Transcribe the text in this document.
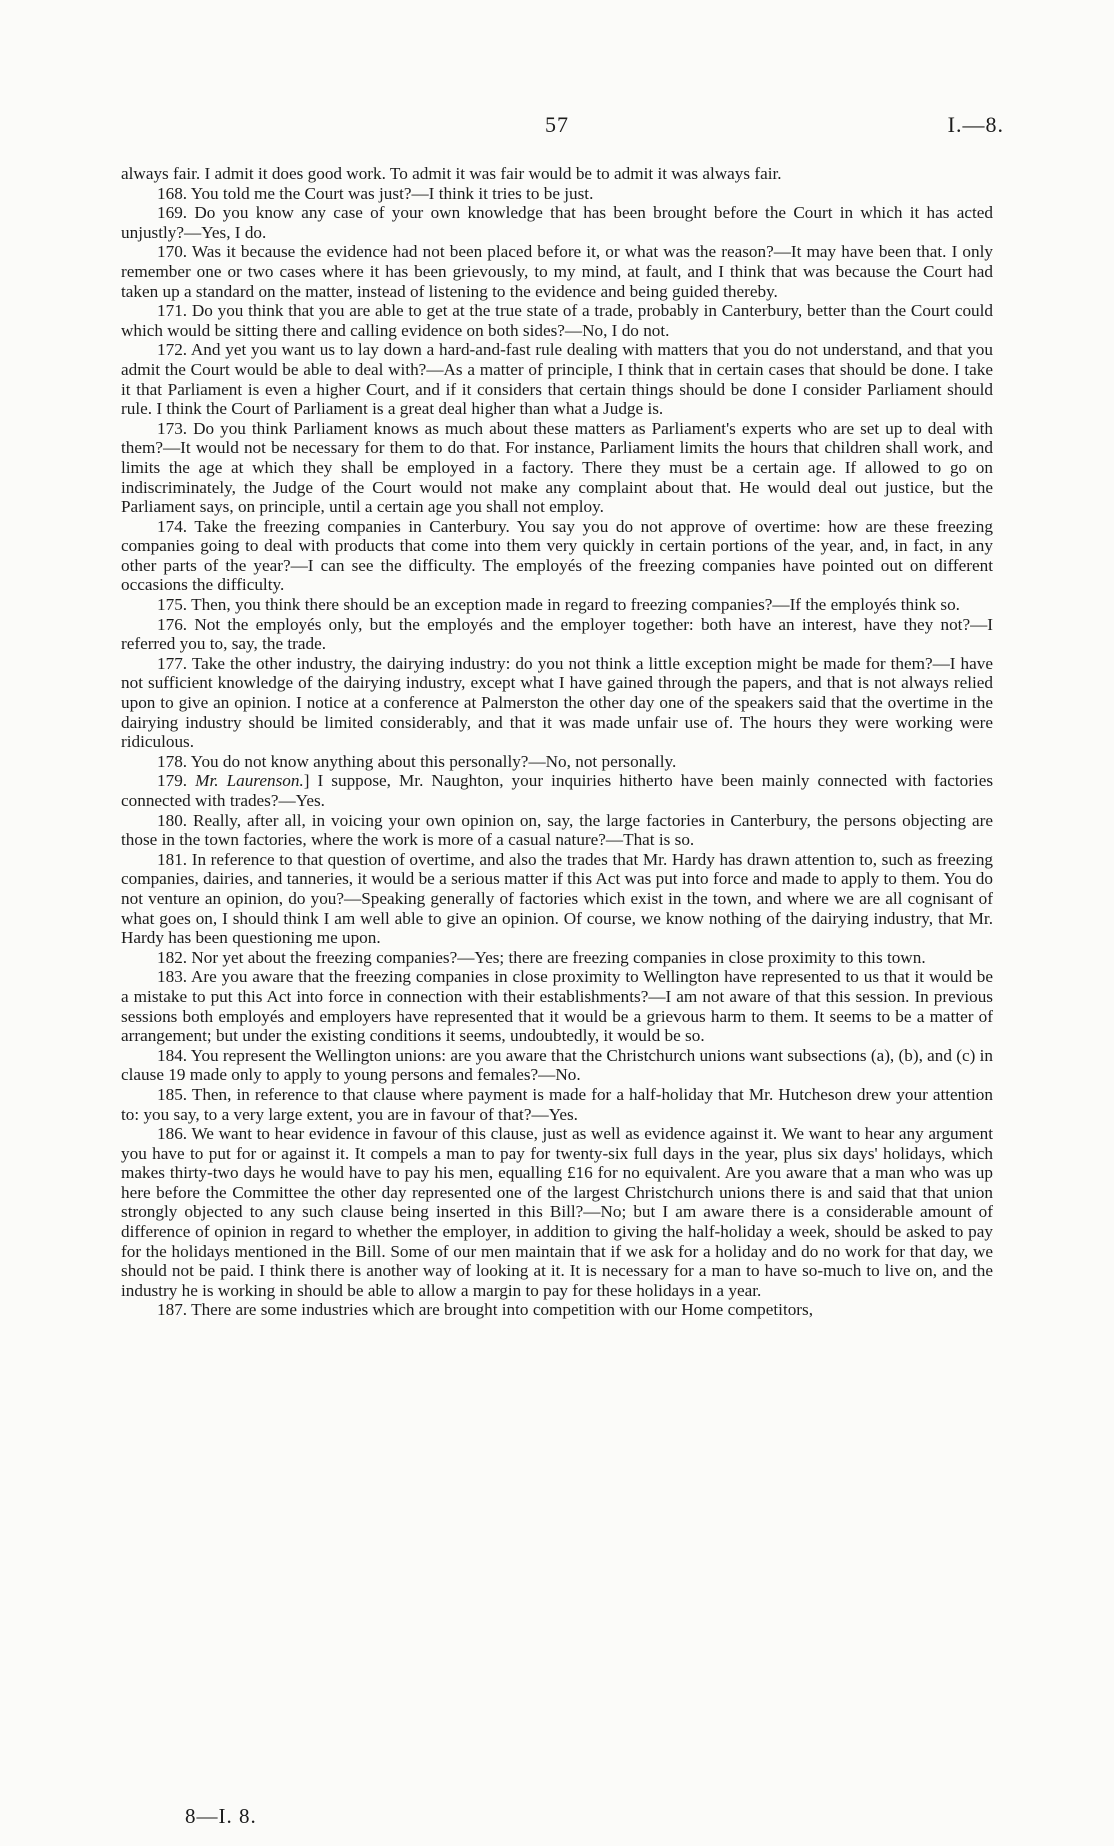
57	I.—8.

always fair. I admit it does good work. To admit it was fair would be to admit it was always fair.

168. You told me the Court was just?—I think it tries to be just.

169. Do you know any case of your own knowledge that has been brought before the Court in which it has acted unjustly?—Yes, I do.

170. Was it because the evidence had not been placed before it, or what was the reason?—It may have been that. I only remember one or two cases where it has been grievously, to my mind, at fault, and I think that was because the Court had taken up a standard on the matter, instead of listening to the evidence and being guided thereby.

171. Do you think that you are able to get at the true state of a trade, probably in Canterbury, better than the Court could which would be sitting there and calling evidence on both sides?—No, I do not.

172. And yet you want us to lay down a hard-and-fast rule dealing with matters that you do not understand, and that you admit the Court would be able to deal with?—As a matter of principle, I think that in certain cases that should be done. I take it that Parliament is even a higher Court, and if it considers that certain things should be done I consider Parliament should rule. I think the Court of Parliament is a great deal higher than what a Judge is.

173. Do you think Parliament knows as much about these matters as Parliament's experts who are set up to deal with them?—It would not be necessary for them to do that. For instance, Parliament limits the hours that children shall work, and limits the age at which they shall be employed in a factory. There they must be a certain age. If allowed to go on indiscriminately, the Judge of the Court would not make any complaint about that. He would deal out justice, but the Parliament says, on principle, until a certain age you shall not employ.

174. Take the freezing companies in Canterbury. You say you do not approve of overtime: how are these freezing companies going to deal with products that come into them very quickly in certain portions of the year, and, in fact, in any other parts of the year?—I can see the difficulty. The employés of the freezing companies have pointed out on different occasions the difficulty.

175. Then, you think there should be an exception made in regard to freezing companies?—If the employés think so.

176. Not the employés only, but the employés and the employer together: both have an interest, have they not?—I referred you to, say, the trade.

177. Take the other industry, the dairying industry: do you not think a little exception might be made for them?—I have not sufficient knowledge of the dairying industry, except what I have gained through the papers, and that is not always relied upon to give an opinion. I notice at a conference at Palmerston the other day one of the speakers said that the overtime in the dairying industry should be limited considerably, and that it was made unfair use of. The hours they were working were ridiculous.

178. You do not know anything about this personally?—No, not personally.

179. Mr. Laurenson.] I suppose, Mr. Naughton, your inquiries hitherto have been mainly connected with factories connected with trades?—Yes.

180. Really, after all, in voicing your own opinion on, say, the large factories in Canterbury, the persons objecting are those in the town factories, where the work is more of a casual nature?—That is so.

181. In reference to that question of overtime, and also the trades that Mr. Hardy has drawn attention to, such as freezing companies, dairies, and tanneries, it would be a serious matter if this Act was put into force and made to apply to them. You do not venture an opinion, do you?—Speaking generally of factories which exist in the town, and where we are all cognisant of what goes on, I should think I am well able to give an opinion. Of course, we know nothing of the dairying industry, that Mr. Hardy has been questioning me upon.

182. Nor yet about the freezing companies?—Yes; there are freezing companies in close proximity to this town.

183. Are you aware that the freezing companies in close proximity to Wellington have represented to us that it would be a mistake to put this Act into force in connection with their establishments?—I am not aware of that this session. In previous sessions both employés and employers have represented that it would be a grievous harm to them. It seems to be a matter of arrangement; but under the existing conditions it seems, undoubtedly, it would be so.

184. You represent the Wellington unions: are you aware that the Christchurch unions want subsections (a), (b), and (c) in clause 19 made only to apply to young persons and females?—No.

185. Then, in reference to that clause where payment is made for a half-holiday that Mr. Hutcheson drew your attention to: you say, to a very large extent, you are in favour of that?—Yes.

186. We want to hear evidence in favour of this clause, just as well as evidence against it. We want to hear any argument you have to put for or against it. It compels a man to pay for twenty-six full days in the year, plus six days' holidays, which makes thirty-two days he would have to pay his men, equalling £16 for no equivalent. Are you aware that a man who was up here before the Committee the other day represented one of the largest Christchurch unions there is and said that that union strongly objected to any such clause being inserted in this Bill?—No; but I am aware there is a considerable amount of difference of opinion in regard to whether the employer, in addition to giving the half-holiday a week, should be asked to pay for the holidays mentioned in the Bill. Some of our men maintain that if we ask for a holiday and do no work for that day, we should not be paid. I think there is another way of looking at it. It is necessary for a man to have so-much to live on, and the industry he is working in should be able to allow a margin to pay for these holidays in a year.

187. There are some industries which are brought into competition with our Home competitors,

8—I. 8.
